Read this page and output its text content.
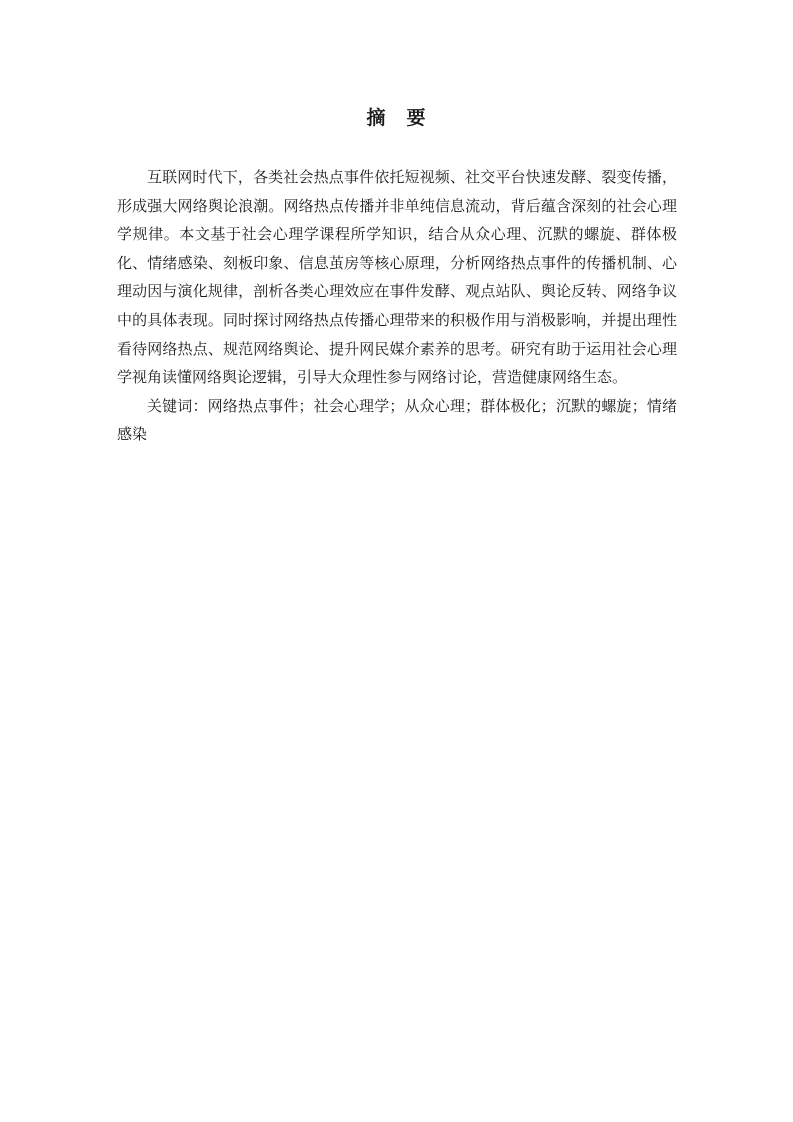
摘 要

互联网时代下，各类社会热点事件依托短视频、社交平台快速发酵、裂变传播，形成强大网络舆论浪潮。网络热点传播并非单纯信息流动，背后蕴含深刻的社会心理学规律。本文基于社会心理学课程所学知识，结合从众心理、沉默的螺旋、群体极化、情绪感染、刻板印象、信息茧房等核心原理，分析网络热点事件的传播机制、心理动因与演化规律，剖析各类心理效应在事件发酵、观点站队、舆论反转、网络争议中的具体表现。同时探讨网络热点传播心理带来的积极作用与消极影响，并提出理性看待网络热点、规范网络舆论、提升网民媒介素养的思考。研究有助于运用社会心理学视角读懂网络舆论逻辑，引导大众理性参与网络讨论，营造健康网络生态。

关键词：网络热点事件；社会心理学；从众心理；群体极化；沉默的螺旋；情绪感染
